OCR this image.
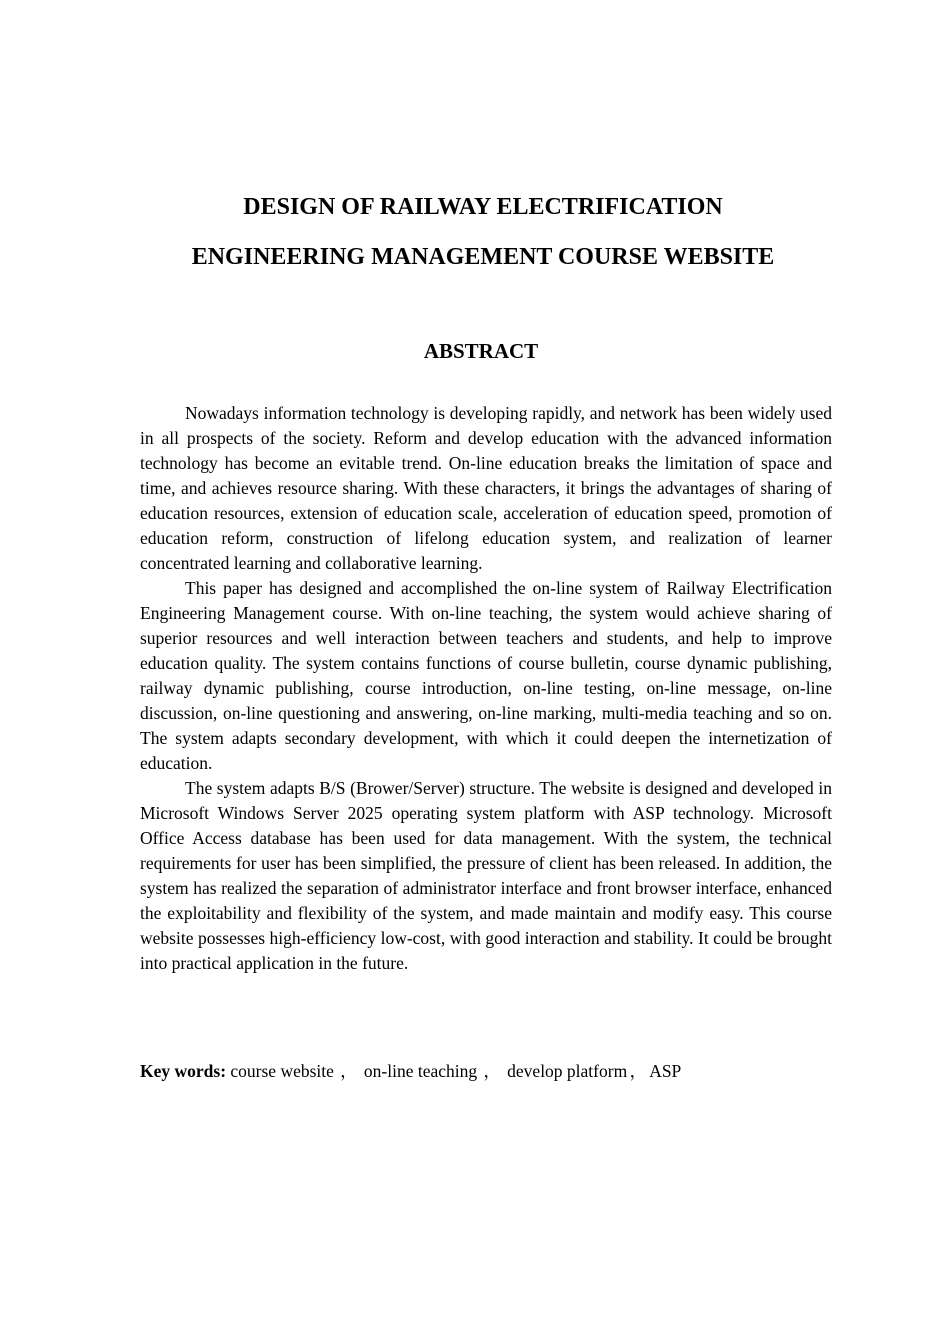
DESIGN OF RAILWAY ELECTRIFICATION
ENGINEERING MANAGEMENT COURSE WEBSITE
ABSTRACT

Nowadays information technology is developing rapidly, and network has been widely used in all prospects of the society. Reform and develop education with the advanced information technology has become an evitable trend. On-line education breaks the limitation of space and time, and achieves resource sharing. With these characters, it brings the advantages of sharing of education resources, extension of education scale, acceleration of education speed, promotion of education reform, construction of lifelong education system, and realization of learner concentrated learning and collaborative learning.

This paper has designed and accomplished the on-line system of Railway Electrification Engineering Management course. With on-line teaching, the system would achieve sharing of superior resources and well interaction between teachers and students, and help to improve education quality. The system contains functions of course bulletin, course dynamic publishing, railway dynamic publishing, course introduction, on-line testing, on-line message, on-line discussion, on-line questioning and answering, on-line marking, multi-media teaching and so on. The system adapts secondary development, with which it could deepen the internetization of education.

The system adapts B/S (Brower/Server) structure. The website is designed and developed in Microsoft Windows Server 2025 operating system platform with ASP technology. Microsoft Office Access database has been used for data management. With the system, the technical requirements for user has been simplified, the pressure of client has been released. In addition, the system has realized the separation of administrator interface and front browser interface, enhanced the exploitability and flexibility of the system, and made maintain and modify easy. This course website possesses high-efficiency low-cost, with good interaction and stability. It could be brought into practical application in the future.

Key words: course website ， on-line teaching ， develop platform ， ASP
